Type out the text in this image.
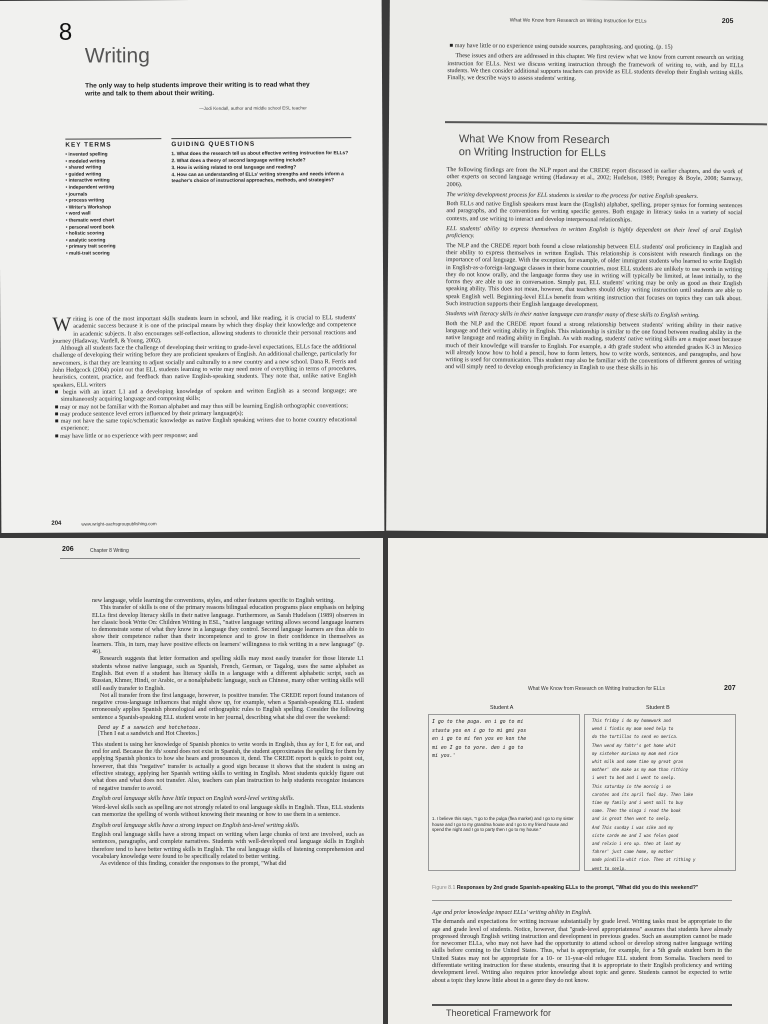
8
Writing
The only way to help students improve their writing is to read what they write and talk to them about their writing.
—Jodi Kendall, author and middle school ESL teacher
KEY TERMS	GUIDING QUESTIONS
• invented spelling
• modeled writing
• shared writing
• guided writing
• interactive writing
• independent writing
• journals
• process writing
• Writer's Workshop
• word wall
• thematic word chart
• personal word book
• holistic scoring
• analytic scoring
• primary trait scoring
• multi-trait scoring
1. What does the research tell us about effective writing instruction for ELLs?
2. What does a theory of second language writing include?
3. How is writing related to oral language and reading?
4. How can an understanding of ELLs' writing strengths and needs inform a teacher's choice of instructional approaches, methods, and strategies?
W riting is one of the most important skills students learn in school, and like reading, it is crucial to ELL students' academic success because it is one of the principal means by which they display their knowledge and competence in academic subjects. It also encourages self-reflection, allowing students to chronicle their personal reactions and journey (Hadaway, Vardell, & Young, 2002).
Although all students face the challenge of developing their writing to grade-level expectations, ELLs face the additional challenge of developing their writing before they are proficient speakers of English. An additional challenge, particularly for newcomers, is that they are learning to adjust socially and culturally to a new country and a new school. Dana R. Ferris and John Hedgcock (2004) point out that ELL students learning to write may need more of everything in terms of procedures, heuristics, content, practice, and feedback than native English-speaking students. They note that, unlike native English speakers, ELL writers
■ begin with an intact L1 and a developing knowledge of spoken and written English as a second language; are simultaneously acquiring language and composing skills;
■ may or may not be familiar with the Roman alphabet and may thus still be learning English orthographic conventions;
■ may produce sentence level errors influenced by their primary language(s);
■ may not have the same topic/schematic knowledge as native English speaking writers due to home country educational experience;
■ may have little or no experience with peer response; and
204	www.wright-oachsgroupublishing.com
What We Know from Research on Writing Instruction for ELLs	205
■ may have little or no experience using outside sources, paraphrasing, and quoting. (p. 15)
These issues and others are addressed in this chapter. We first review what we know from current research on writing instruction for ELLs. Next we discuss writing instruction through the framework of writing to, with, and by ELLs students. We then consider additional supports teachers can provide as ELL students develop their English writing skills. Finally, we describe ways to assess students' writing.
What We Know from Research
on Writing Instruction for ELLs
The following findings are from the NLP report and the CREDE report discussed in earlier chapters, and the work of other experts on second language writing (Hadaway et al., 2002; Hudelson, 1989; Peregoy & Boyle, 2008; Samway, 2006).
The writing development process for ELL students is similar to the process for native English speakers.
Both ELLs and native English speakers must learn the (English) alphabet, spelling, proper syntax for forming sentences and paragraphs, and the conventions for writing specific genres. Both engage in literacy tasks in a variety of social contexts, and use writing to interact and develop interpersonal relationships.
ELL students' ability to express themselves in written English is highly dependent on their level of oral English proficiency.
The NLP and the CREDE report both found a close relationship between ELL students' oral proficiency in English and their ability to express themselves in written English. This relationship is consistent with research findings on the importance of oral language. With the exception, for example, of older immigrant students who learned to write English in English-as-a-foreign-language classes in their home countries, most ELL students are unlikely to use words in writing they do not know orally, and the language forms they use in writing will typically be limited, at least initially, to the forms they are able to use in conversation. Simply put, ELL students' writing may be only as good as their English speaking ability. This does not mean, however, that teachers should delay writing instruction until students are able to speak English well. Beginning-level ELLs benefit from writing instruction that focuses on topics they can talk about. Such instruction supports their English language development.
Students with literacy skills in their native language can transfer many of these skills to English writing.
Both the NLP and the CREDE report found a strong relationship between students' writing ability in their native language and their writing ability in English. This relationship is similar to the one found between reading ability in the native language and reading ability in English. As with reading, students' native writing skills are a major asset because much of their knowledge will transfer to English. For example, a 4th grade student who attended grades K-3 in Mexico will already know how to hold a pencil, how to form letters, how to write words, sentences, and paragraphs, and how writing is used for communication. This student may also be familiar with the conventions of different genres of writing and will simply need to develop enough proficiency in English to use these skills in his
206	Chapter 8 Writing
new language, while learning the conventions, styles, and other features specific to English writing.
This transfer of skills is one of the primary reasons bilingual education programs place emphasis on helping ELLs first develop literacy skills in their native language. Furthermore, as Sarah Hudelson (1989) observes in her classic book Write On: Children Writing in ESL, "native language writing allows second language learners to demonstrate some of what they know in a language they control. Second language learners are thus able to show their competence rather than their incompetence and to grow in their confidence in themselves as learners. This, in turn, may have positive effects on learners' willingness to risk writing in a new language" (p. 46).
Research suggests that letter formation and spelling skills may most easily transfer for those literate L1 students whose native language, such as Spanish, French, German, or Tagalog, uses the same alphabet as English. But even if a student has literacy skills in a language with a different alphabetic script, such as Russian, Khmer, Hindi, or Arabic, or a nonalphabetic language, such as Chinese, many other writing skills will still easily transfer to English.
Not all transfer from the first language, however, is positive transfer. The CREDE report found instances of negative cross-language influences that might show up, for example, when a Spanish-speaking ELL student erroneously applies Spanish phonological and orthographic rules to English spelling. Consider the following sentence a Spanish-speaking ELL student wrote in her journal, describing what she did over the weekend:
Dend ay E a sanwich and hotchetoos.
[Then I eat a sandwich and Hot Cheetos.]
This student is using her knowledge of Spanish phonics to write words in English, thus ay for I, E for eat, and end for and. Because the /th/ sound does not exist in Spanish, the student approximates the spelling for them by applying Spanish phonics to how she hears and pronounces it, dend. The CREDE report is quick to point out, however, that this "negative" transfer is actually a good sign because it shows that the student is using an effective strategy, applying her Spanish writing skills to writing in English. Most students quickly figure out what does and what does not transfer. Also, teachers can plan instruction to help students recognize instances of negative transfer to avoid.
English oral language skills have little impact on English word-level writing skills.
Word-level skills such as spelling are not strongly related to oral language skills in English. Thus, ELL students can memorize the spelling of words without knowing their meaning or how to use them in a sentence.
English oral language skills have a strong impact on English text-level writing skills.
English oral language skills have a strong impact on writing when large chunks of text are involved, such as sentences, paragraphs, and complete narratives. Students with well-developed oral language skills in English therefore tend to have better writing skills in English. The oral language skills of listening comprehension and vocabulary knowledge were found to be specifically related to better writing.
As evidence of this finding, consider the responses to the prompt, "What did
What We Know from Research on Writing Instruction for ELLs	207
Student A	Student B
I go to the puga. en i go to mi
stasta yos en i go to mi gmi yos
en i go to mi fen yos en kon the
mi en I go to yore. den i go to
mi yos.'
1. I believe this says, "I go to the pulga (flea market) and I go to my sister house and I go to my grandma house and I go to my friend house and spend the night and I go to party then I go to my house."
This friday i do my homework and
wend i findis my mom need help to
do the tortillas to send en merica.
Then wend my fahtr's get home whit
my sisteher mariana my mom med rice
whit milk and some time my great gran
mother' she make as my mom than rithiny
i went to bed and i went to seelp.
This saturday in the mornig i se
carotes and its april fool day. Then lake
time my family and i went mall to buy
some. Then the ninga i read the book
and is great then went to seelp.
And This sunday i was sike and my
siste carde me and I was felen good
and relxin i ero up. then at leat my
fahrer' just came home, my mother
made pindillo-whit rice. Then at rithing y
went to seelp.
Figure 8.1 Responses by 2nd grade Spanish-speaking ELLs to the prompt, "What did you do this weekend?"
Age and prior knowledge impact ELLs' writing ability in English.
The demands and expectations for writing increase substantially by grade level. Writing tasks must be appropriate to the age and grade level of students. Notice, however, that "grade-level appropriateness" assumes that students have already progressed through English writing instruction and development in previous grades. Such an assumption cannot be made for newcomer ELLs, who may not have had the opportunity to attend school or develop strong native language writing skills before coming to the United States. Thus, what is appropriate, for example, for a 5th grade student born in the United States may not be appropriate for a 10- or 11-year-old refugee ELL student from Somalia. Teachers need to differentiate writing instruction for these students, ensuring that it is appropriate to their English proficiency and writing development level. Writing also requires prior knowledge about topic and genre. Students cannot be expected to write about a topic they know little about in a genre they do not know.
Theoretical Framework for
